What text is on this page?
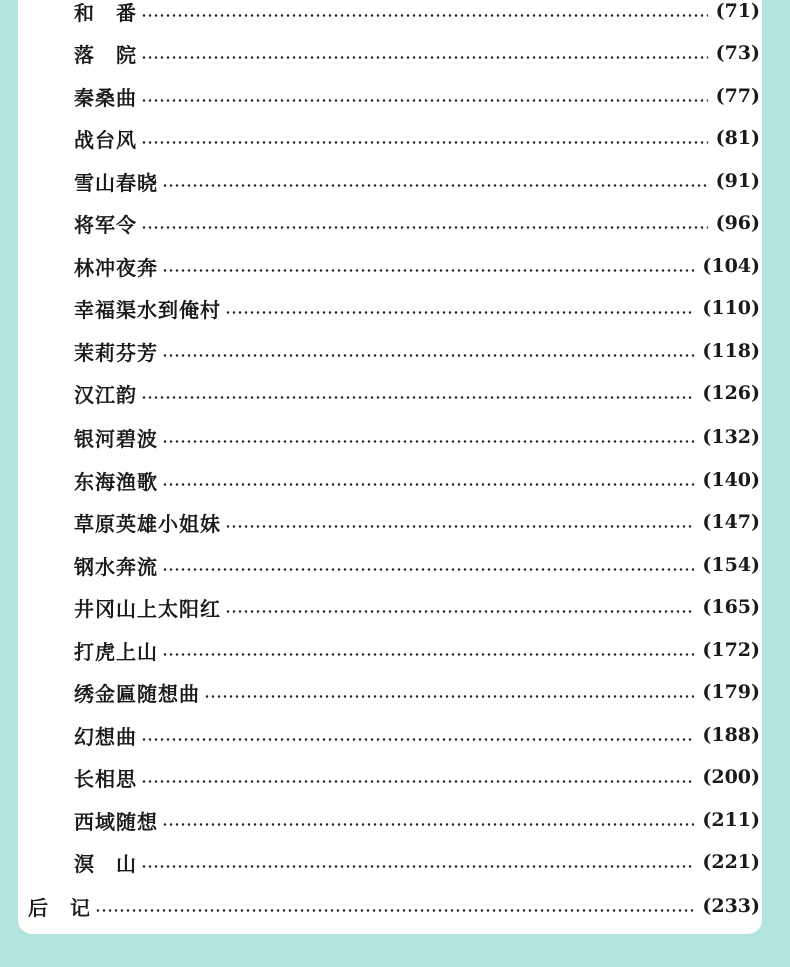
和　番	(71)
落　院	(73)
秦桑曲	(77)
战台风	(81)
雪山春晓	(91)
将军令	(96)
林冲夜奔	(104)
幸福渠水到俺村	(110)
茉莉芬芳	(118)
汉江韵	(126)
银河碧波	(132)
东海渔歌	(140)
草原英雄小姐妹	(147)
钢水奔流	(154)
井冈山上太阳红	(165)
打虎上山	(172)
绣金匾随想曲	(179)
幻想曲	(188)
长相思	(200)
西域随想	(211)
溟　山	(221)
后　记	(233)
